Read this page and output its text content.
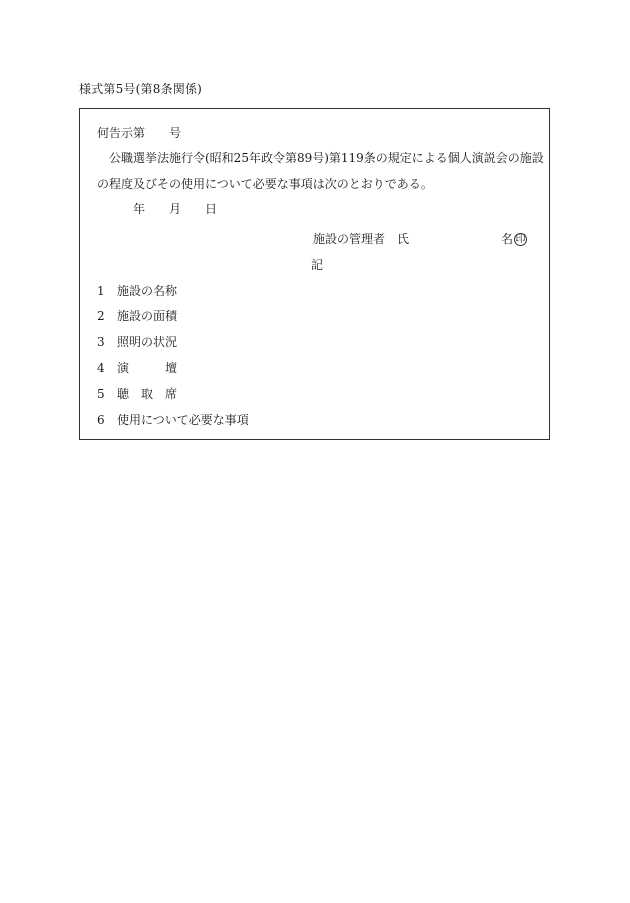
様式第5号(第8条関係)
何告示第　　号
公職選挙法施行令(昭和25年政令第89号)第119条の規定による個人演説会の施設
の程度及びその使用について必要な事項は次のとおりである。
年 月 日
施設の管理者　氏	名 印
記
1 施設の名称
2 施設の面積
3 照明の状況
4 演　　　壇
5 聴　取　席
6 使用について必要な事項
